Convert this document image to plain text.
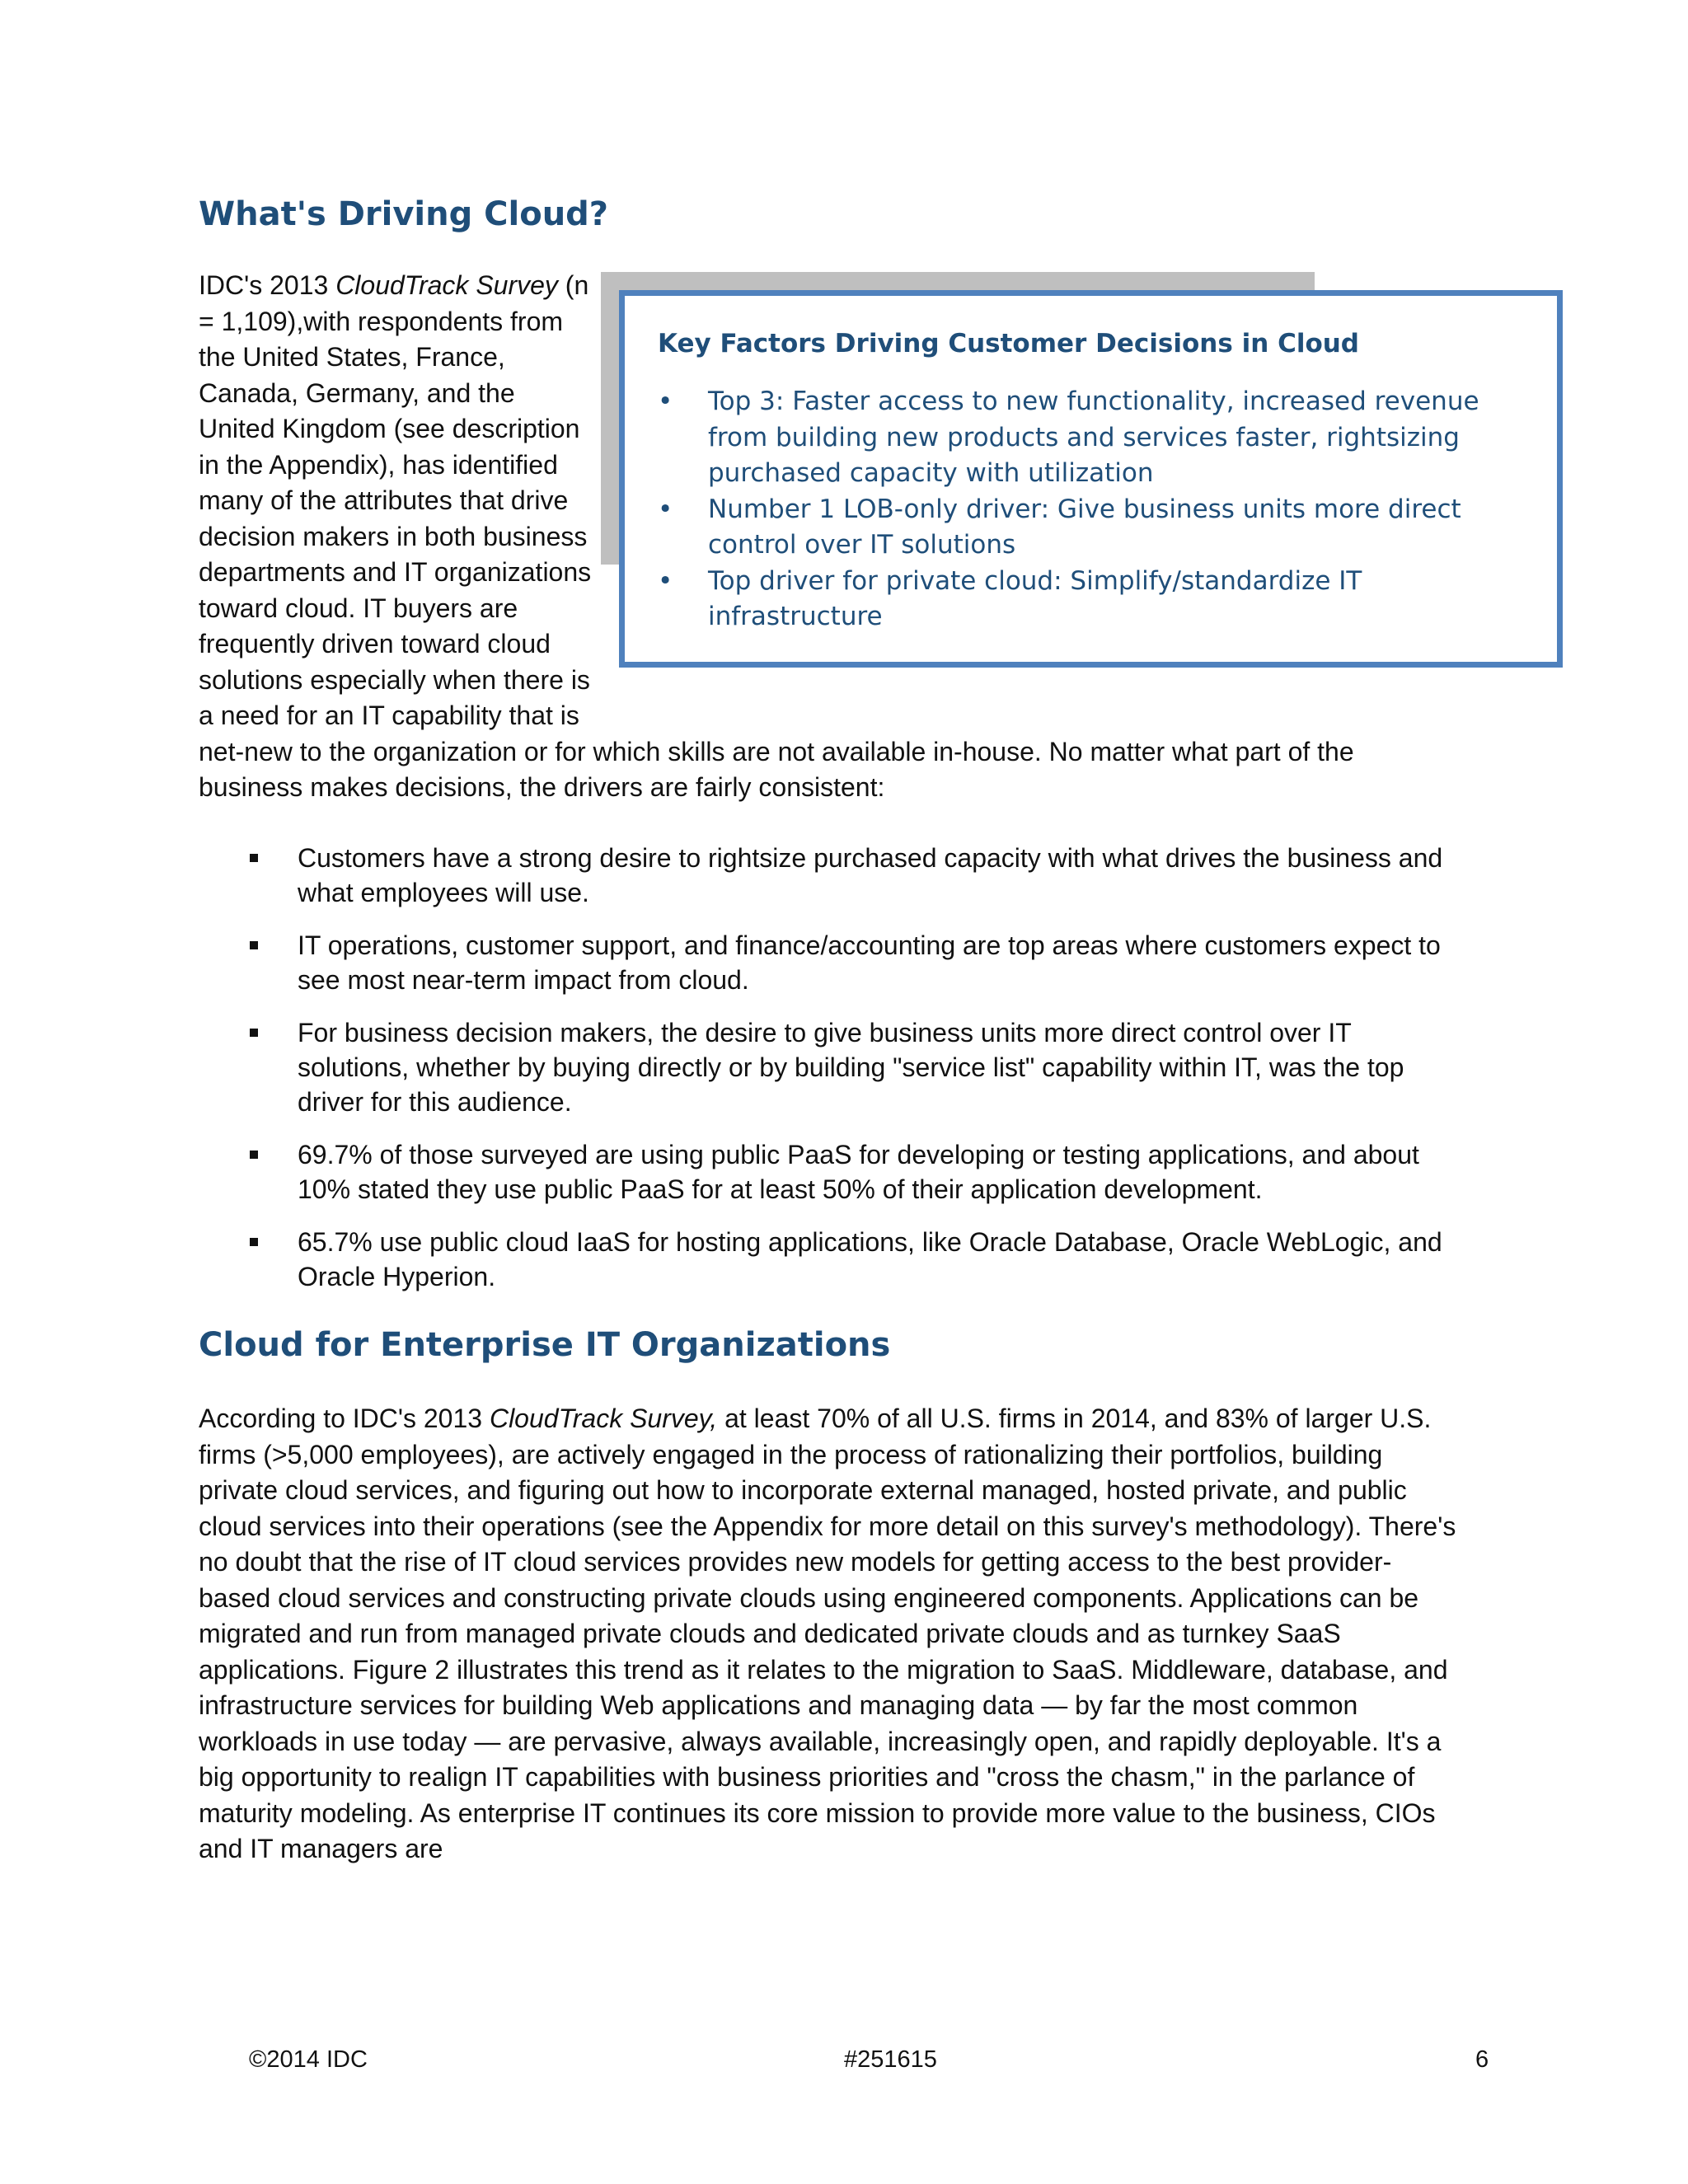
What's Driving Cloud?

IDC's 2013 CloudTrack Survey (n = 1,109),with respondents from the United States, France, Canada, Germany, and the United Kingdom (see description in the Appendix), has identified many of the attributes that drive decision makers in both business departments and IT organizations toward cloud. IT buyers are frequently driven toward cloud solutions especially when there is a need for an IT capability that is net-new to the organization or for which skills are not available in-house. No matter what part of the business makes decisions, the drivers are fairly consistent:

Key Factors Driving Customer Decisions in Cloud

• Top 3: Faster access to new functionality, increased revenue from building new products and services faster, rightsizing purchased capacity with utilization
• Number 1 LOB-only driver: Give business units more direct control over IT solutions
• Top driver for private cloud: Simplify/standardize IT infrastructure
Customers have a strong desire to rightsize purchased capacity with what drives the business and what employees will use.
IT operations, customer support, and finance/accounting are top areas where customers expect to see most near-term impact from cloud.
For business decision makers, the desire to give business units more direct control over IT solutions, whether by buying directly or by building "service list" capability within IT, was the top driver for this audience.
69.7% of those surveyed are using public PaaS for developing or testing applications, and about 10% stated they use public PaaS for at least 50% of their application development.
65.7% use public cloud IaaS for hosting applications, like Oracle Database, Oracle WebLogic, and Oracle Hyperion.
Cloud for Enterprise IT Organizations

According to IDC's 2013 CloudTrack Survey, at least 70% of all U.S. firms in 2014, and 83% of larger U.S. firms (>5,000 employees), are actively engaged in the process of rationalizing their portfolios, building private cloud services, and figuring out how to incorporate external managed, hosted private, and public cloud services into their operations (see the Appendix for more detail on this survey's methodology). There's no doubt that the rise of IT cloud services provides new models for getting access to the best provider-based cloud services and constructing private clouds using engineered components. Applications can be migrated and run from managed private clouds and dedicated private clouds and as turnkey SaaS applications. Figure 2 illustrates this trend as it relates to the migration to SaaS. Middleware, database, and infrastructure services for building Web applications and managing data — by far the most common workloads in use today — are pervasive, always available, increasingly open, and rapidly deployable. It's a big opportunity to realign IT capabilities with business priorities and "cross the chasm," in the parlance of maturity modeling. As enterprise IT continues its core mission to provide more value to the business, CIOs and IT managers are

©2014 IDC	#251615	6
